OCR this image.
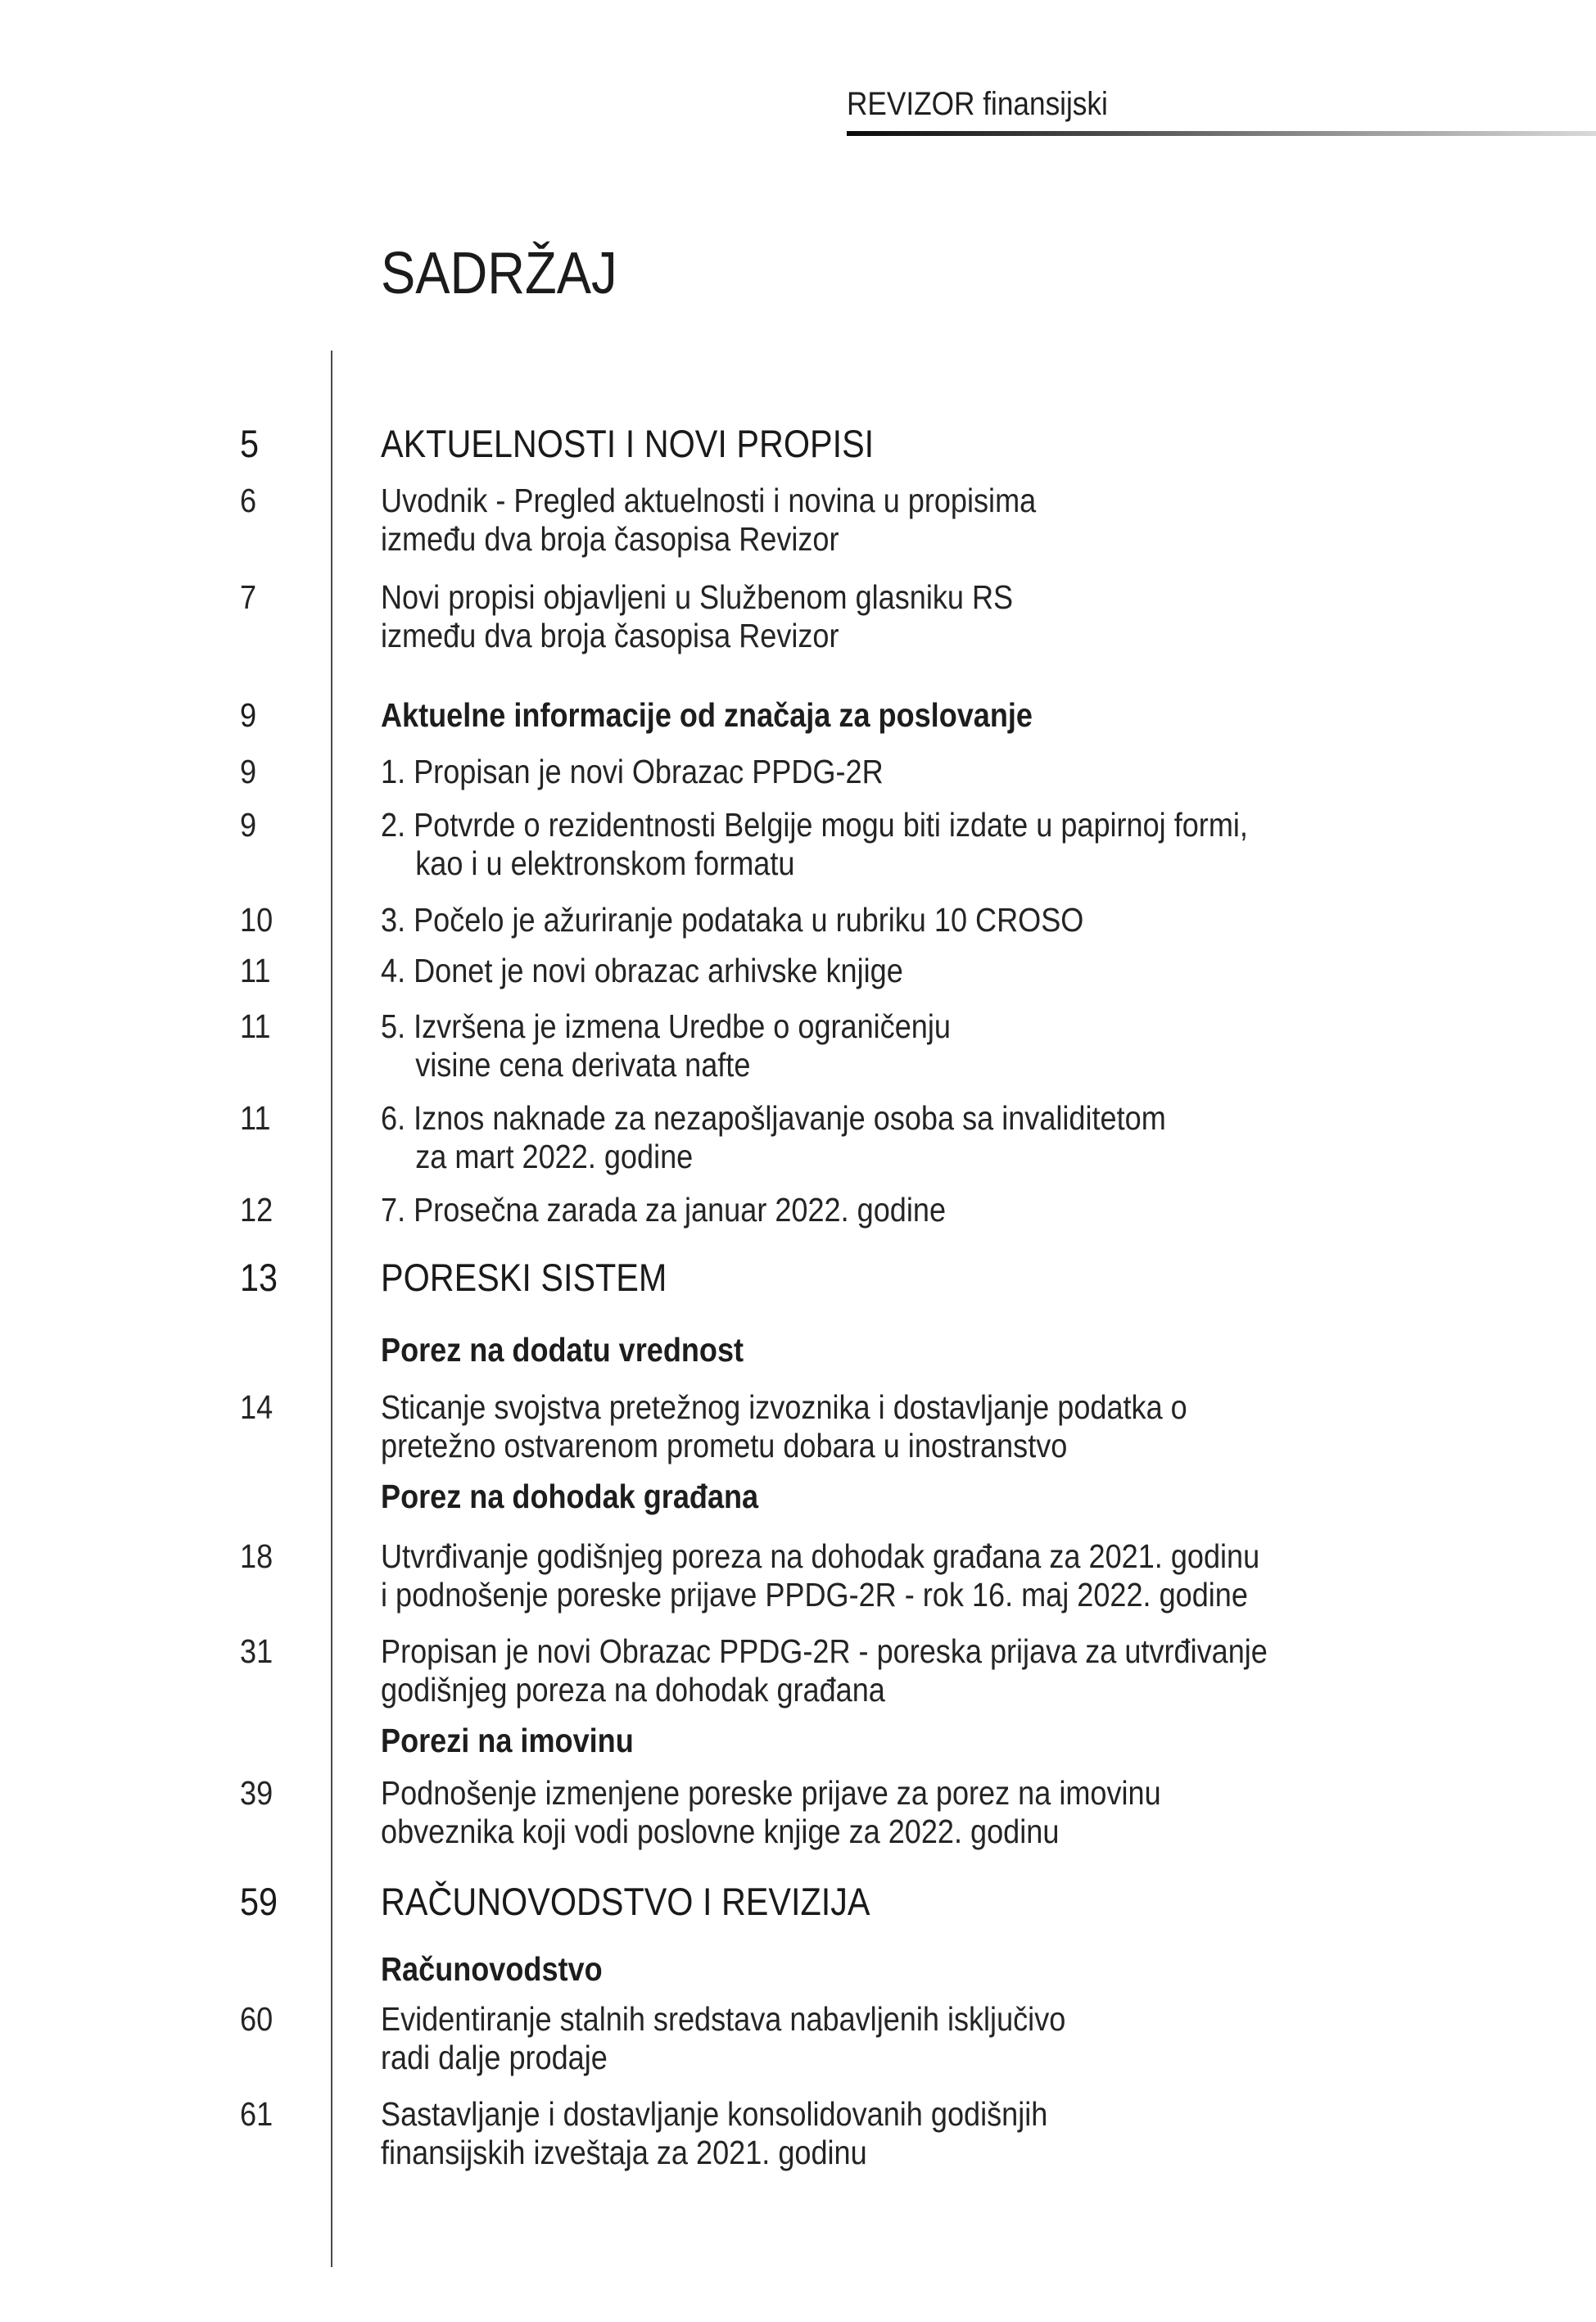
REVIZOR finansijski
SADRŽAJ
5	AKTUELNOSTI I NOVI PROPISI
6	Uvodnik - Pregled aktuelnosti i novina u propisima
između dva broja časopisa Revizor
7	Novi propisi objavljeni u Službenom glasniku RS
između dva broja časopisa Revizor
9	Aktuelne informacije od značaja za poslovanje
9	1. Propisan je novi Obrazac PPDG-2R
9	2. Potvrde o rezidentnosti Belgije mogu biti izdate u papirnoj formi,
kao i u elektronskom formatu
10	3. Počelo je ažuriranje podataka u rubriku 10 CROSO
11	4. Donet je novi obrazac arhivske knjige
11	5. Izvršena je izmena Uredbe o ograničenju
visine cena derivata nafte
11	6. Iznos naknade za nezapošljavanje osoba sa invaliditetom
za mart 2022. godine
12	7. Prosečna zarada za januar 2022. godine
13	PORESKI SISTEM
Porez na dodatu vrednost
14	Sticanje svojstva pretežnog izvoznika i dostavljanje podatka o
pretežno ostvarenom prometu dobara u inostranstvo
Porez na dohodak građana
18	Utvrđivanje godišnjeg poreza na dohodak građana za 2021. godinu
i podnošenje poreske prijave PPDG-2R - rok 16. maj 2022. godine
31	Propisan je novi Obrazac PPDG-2R - poreska prijava za utvrđivanje
godišnjeg poreza na dohodak građana
Porezi na imovinu
39	Podnošenje izmenjene poreske prijave za porez na imovinu
obveznika koji vodi poslovne knjige za 2022. godinu
59	RAČUNOVODSTVO I REVIZIJA
Računovodstvo
60	Evidentiranje stalnih sredstava nabavljenih isključivo
radi dalje prodaje
61	Sastavljanje i dostavljanje konsolidovanih godišnjih
finansijskih izveštaja za 2021. godinu
